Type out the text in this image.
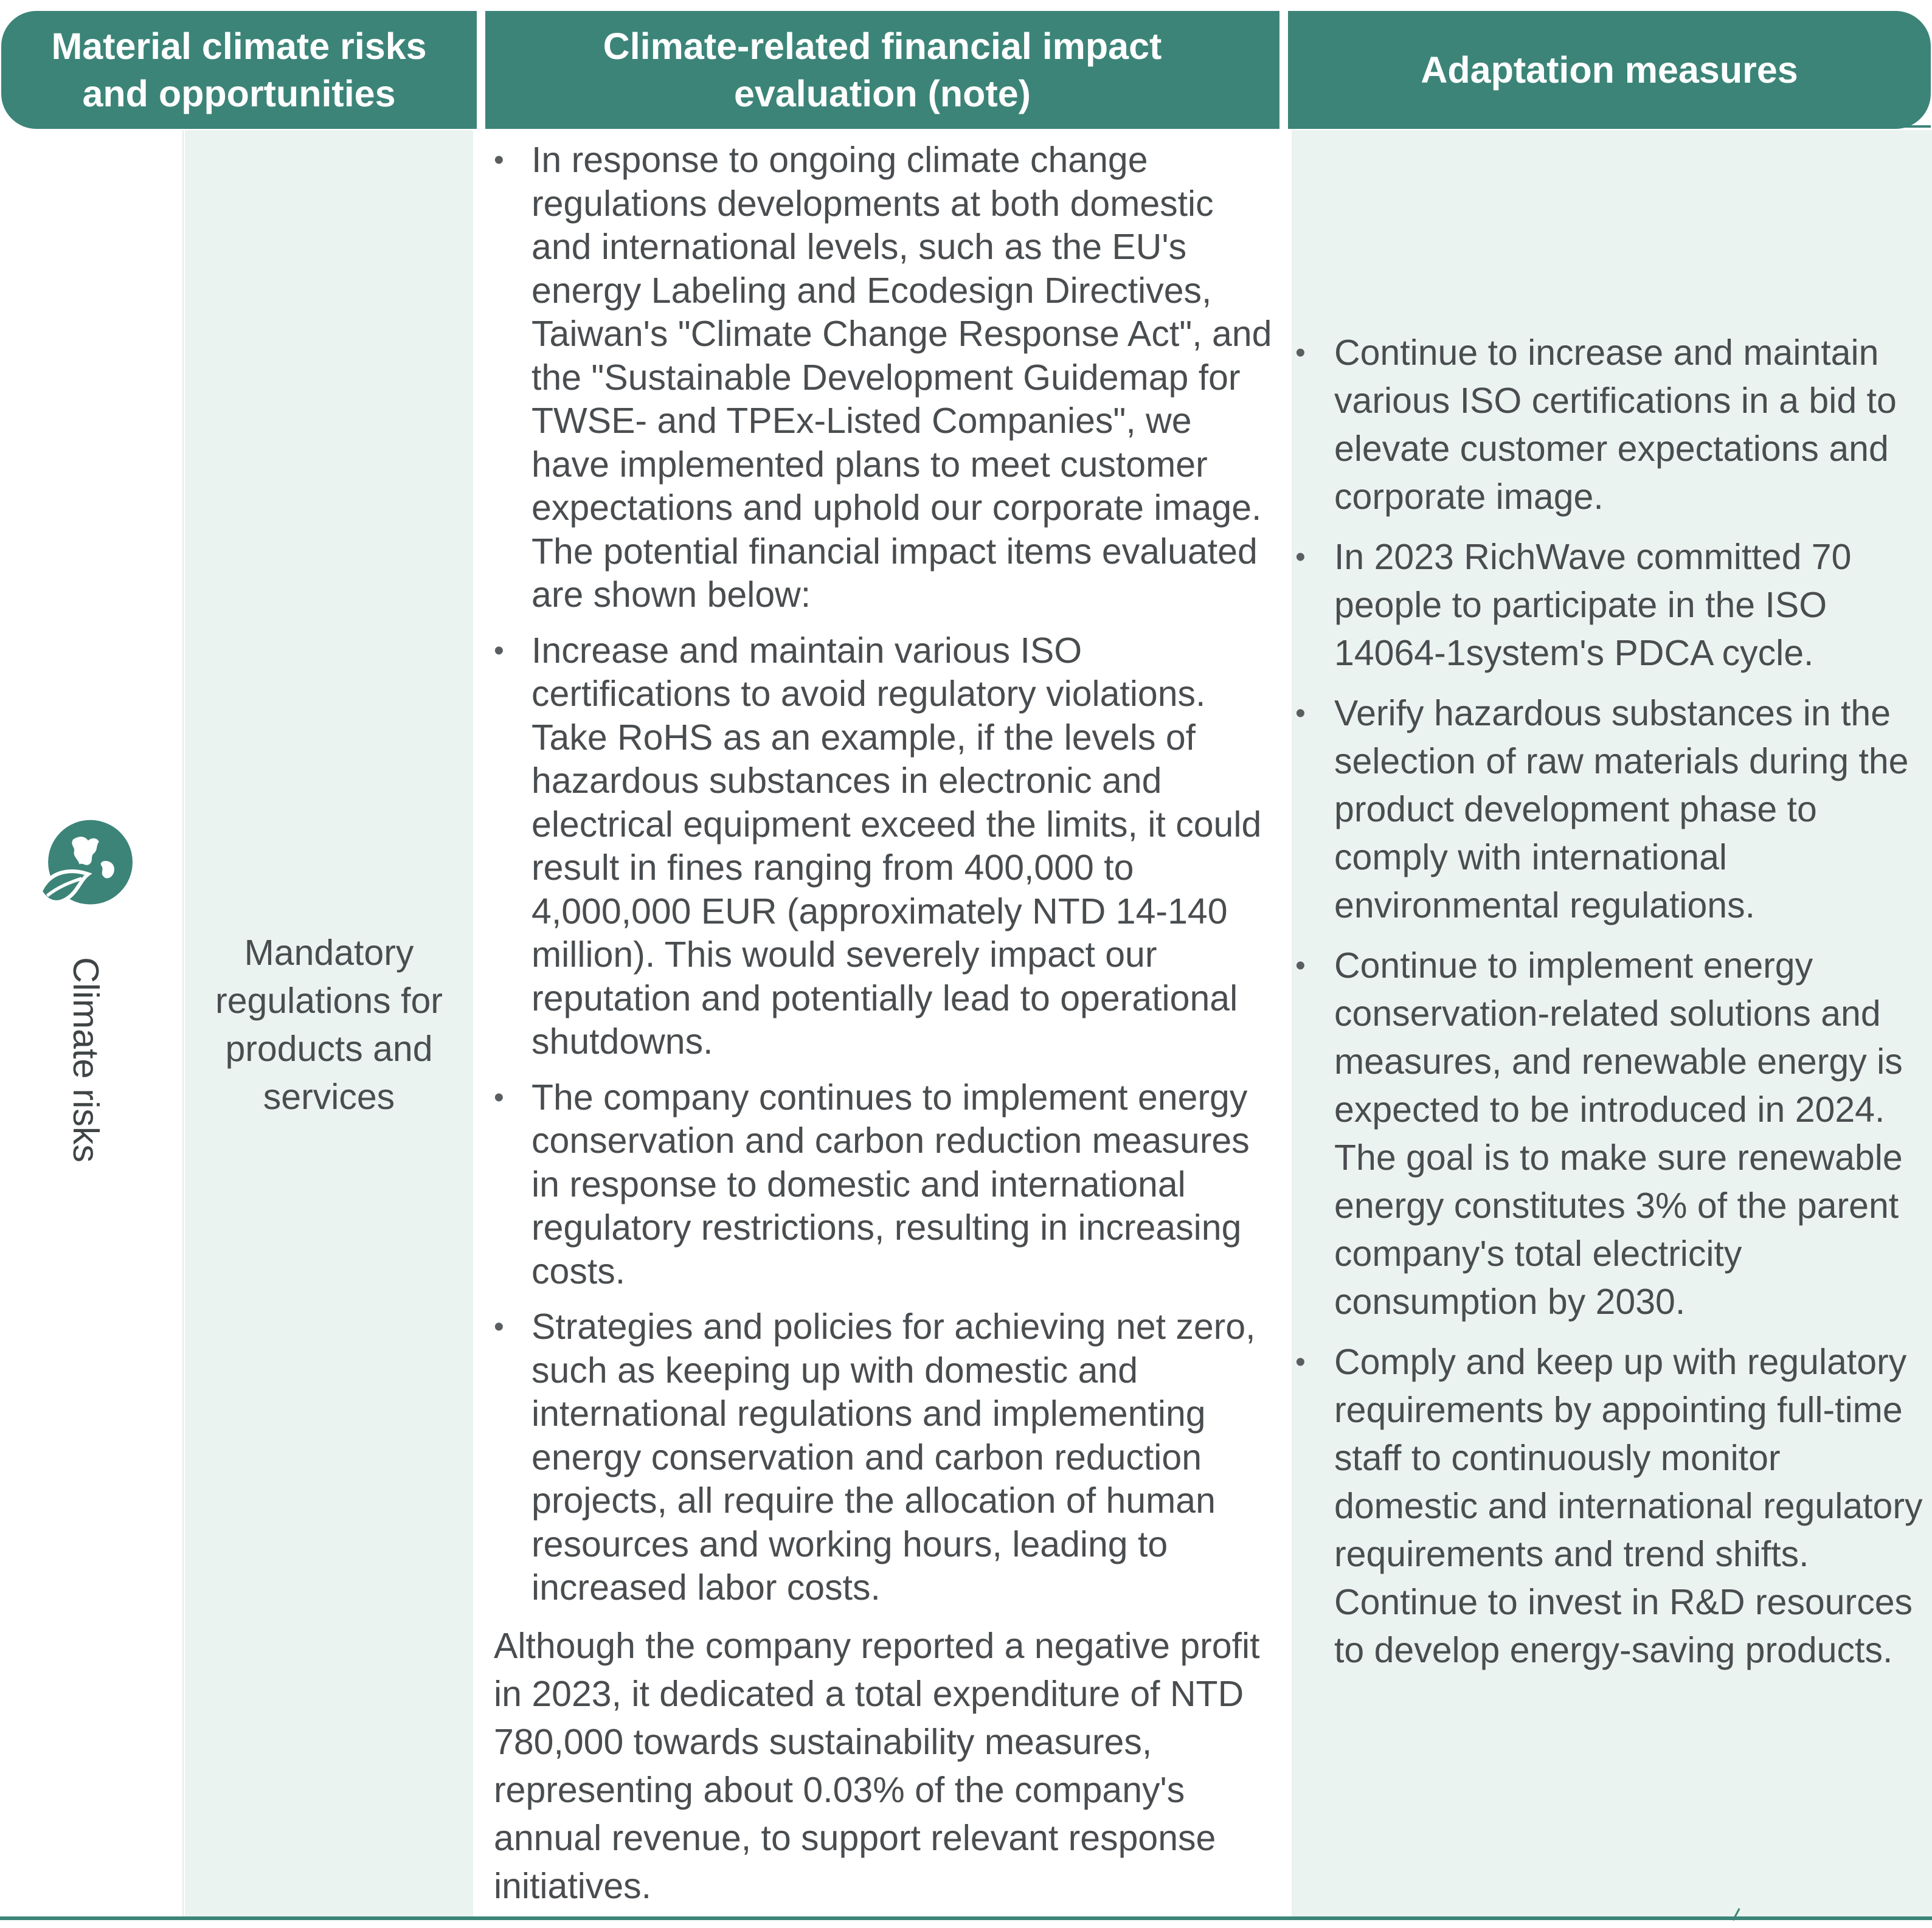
Material climate risks
and opportunities
Climate-related financial impact
evaluation (note)
Adaptation measures
Climate risks
Mandatory
regulations for
products and
services
• In response to ongoing climate change regulations developments at both domestic and international levels, such as the EU's energy Labeling and Ecodesign Directives, Taiwan's "Climate Change Response Act", and the "Sustainable Development Guidemap for TWSE- and TPEx-Listed Companies", we have implemented plans to meet customer expectations and uphold our corporate image. The potential financial impact items evaluated are shown below:
• Increase and maintain various ISO certifications to avoid regulatory violations. Take RoHS as an example, if the levels of hazardous substances in electronic and electrical equipment exceed the limits, it could result in fines ranging from 400,000 to 4,000,000 EUR (approximately NTD 14-140 million). This would severely impact our reputation and potentially lead to operational shutdowns.
• The company continues to implement energy conservation and carbon reduction measures in response to domestic and international regulatory restrictions, resulting in increasing costs.
• Strategies and policies for achieving net zero, such as keeping up with domestic and international regulations and implementing energy conservation and carbon reduction projects, all require the allocation of human resources and working hours, leading to increased labor costs.

Although the company reported a negative profit in 2023, it dedicated a total expenditure of NTD 780,000 towards sustainability measures, representing about 0.03% of the company's annual revenue, to support relevant response initiatives.

• Continue to increase and maintain various ISO certifications in a bid to elevate customer expectations and corporate image.
• In 2023 RichWave committed 70 people to participate in the ISO 14064-1system's PDCA cycle.
• Verify hazardous substances in the selection of raw materials during the product development phase to comply with international environmental regulations.
• Continue to implement energy conservation-related solutions and measures, and renewable energy is expected to be introduced in 2024. The goal is to make sure renewable energy constitutes 3% of the parent company's total electricity consumption by 2030.
• Comply and keep up with regulatory requirements by appointing full-time staff to continuously monitor domestic and international regulatory requirements and trend shifts. Continue to invest in R&D resources to develop energy-saving products.
